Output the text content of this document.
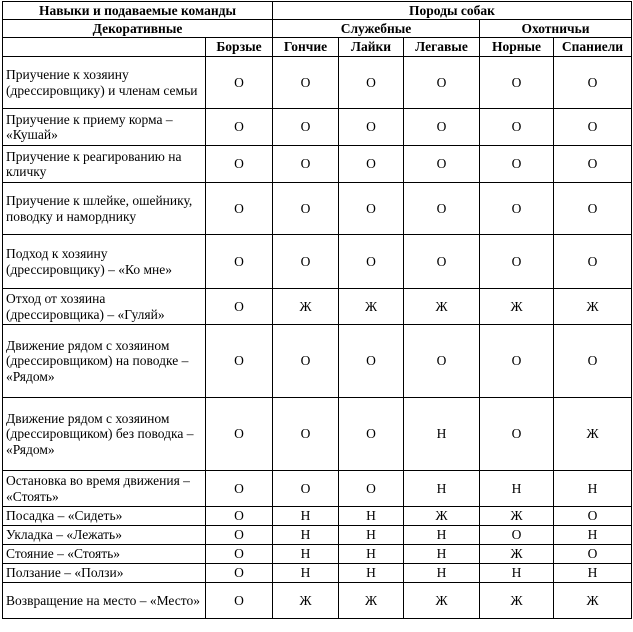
Навыки и подаваемые команды		Породы собак				
Декоративные		Служебные			Охотничьи	
	Борзые	Гончие	Лайки	Легавые	Норные	Спаниели
Приучение к хозяину (дрессировщику) и членам семьи	О	О	О	О	О	О
Приучение к приему корма – «Кушай»	О	О	О	О	О	О
Приучение к реагированию на кличку	О	О	О	О	О	О
Приучение к шлейке, ошейнику, поводку и наморднику	О	О	О	О	О	О
Подход к хозяину (дрессировщику) – «Ко мне»	О	О	О	О	О	О
Отход от хозяина (дрессировщика) – «Гуляй»	О	Ж	Ж	Ж	Ж	Ж
Движение рядом с хозяином (дрессировщиком) на поводке – «Рядом»	О	О	О	О	О	О
Движение рядом с хозяином (дрессировщиком) без поводка – «Рядом»	О	О	О	Н	О	Ж
Остановка во время движения – «Стоять»	О	О	О	Н	Н	Н
Посадка – «Сидеть»	О	Н	Н	Ж	Ж	О
Укладка – «Лежать»	О	Н	Н	Н	О	Н
Стояние – «Стоять»	О	Н	Н	Н	Ж	О
Ползание – «Ползи»	О	Н	Н	Н	Н	Н
Возвращение на место – «Место»	О	Ж	Ж	Ж	Ж	Ж
